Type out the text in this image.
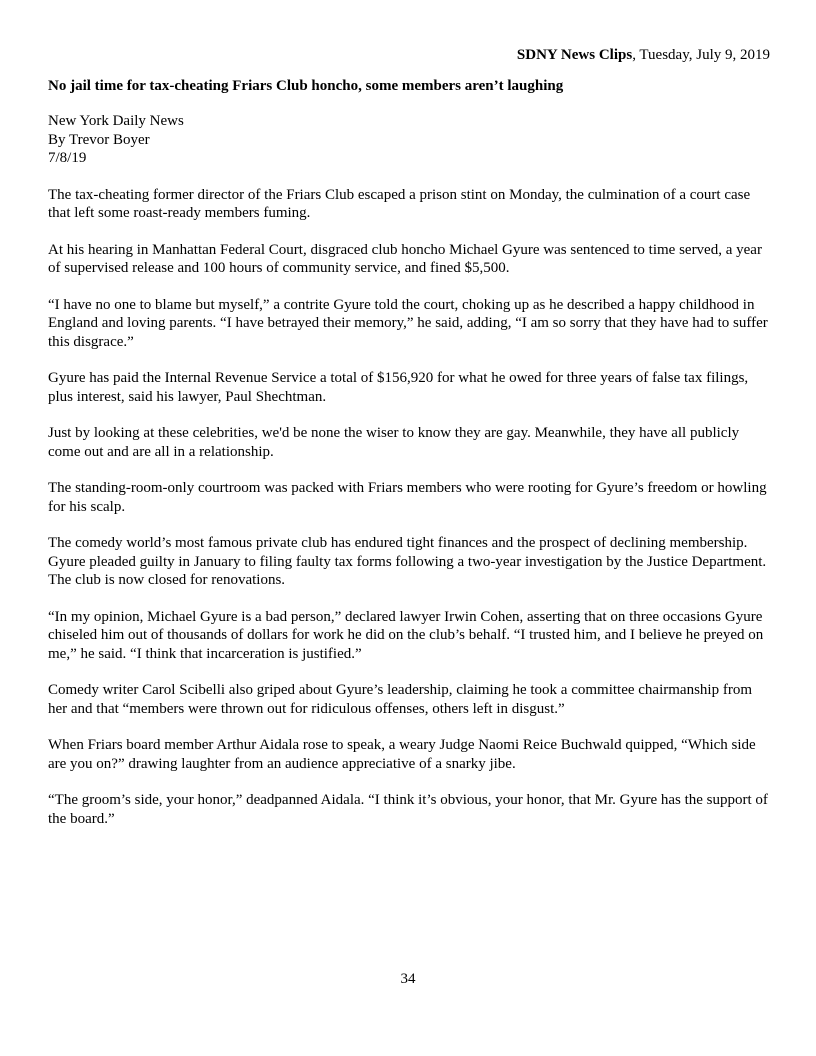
SDNY News Clips, Tuesday, July 9, 2019
No jail time for tax-cheating Friars Club honcho, some members aren’t laughing
New York Daily News
By Trevor Boyer
7/8/19

The tax-cheating former director of the Friars Club escaped a prison stint on Monday, the culmination of a court case that left some roast-ready members fuming.

At his hearing in Manhattan Federal Court, disgraced club honcho Michael Gyure was sentenced to time served, a year of supervised release and 100 hours of community service, and fined $5,500.

“I have no one to blame but myself,” a contrite Gyure told the court, choking up as he described a happy childhood in England and loving parents. “I have betrayed their memory,” he said, adding, “I am so sorry that they have had to suffer this disgrace.”

Gyure has paid the Internal Revenue Service a total of $156,920 for what he owed for three years of false tax filings, plus interest, said his lawyer, Paul Shechtman.

Just by looking at these celebrities, we'd be none the wiser to know they are gay. Meanwhile, they have all publicly come out and are all in a relationship.

The standing-room-only courtroom was packed with Friars members who were rooting for Gyure’s freedom or howling for his scalp.

The comedy world’s most famous private club has endured tight finances and the prospect of declining membership. Gyure pleaded guilty in January to filing faulty tax forms following a two-year investigation by the Justice Department. The club is now closed for renovations.

“In my opinion, Michael Gyure is a bad person,” declared lawyer Irwin Cohen, asserting that on three occasions Gyure chiseled him out of thousands of dollars for work he did on the club’s behalf. “I trusted him, and I believe he preyed on me,” he said. “I think that incarceration is justified.”

Comedy writer Carol Scibelli also griped about Gyure’s leadership, claiming he took a committee chairmanship from her and that “members were thrown out for ridiculous offenses, others left in disgust.”

When Friars board member Arthur Aidala rose to speak, a weary Judge Naomi Reice Buchwald quipped, “Which side are you on?” drawing laughter from an audience appreciative of a snarky jibe.

“The groom’s side, your honor,” deadpanned Aidala. “I think it’s obvious, your honor, that Mr. Gyure has the support of the board.”

34
